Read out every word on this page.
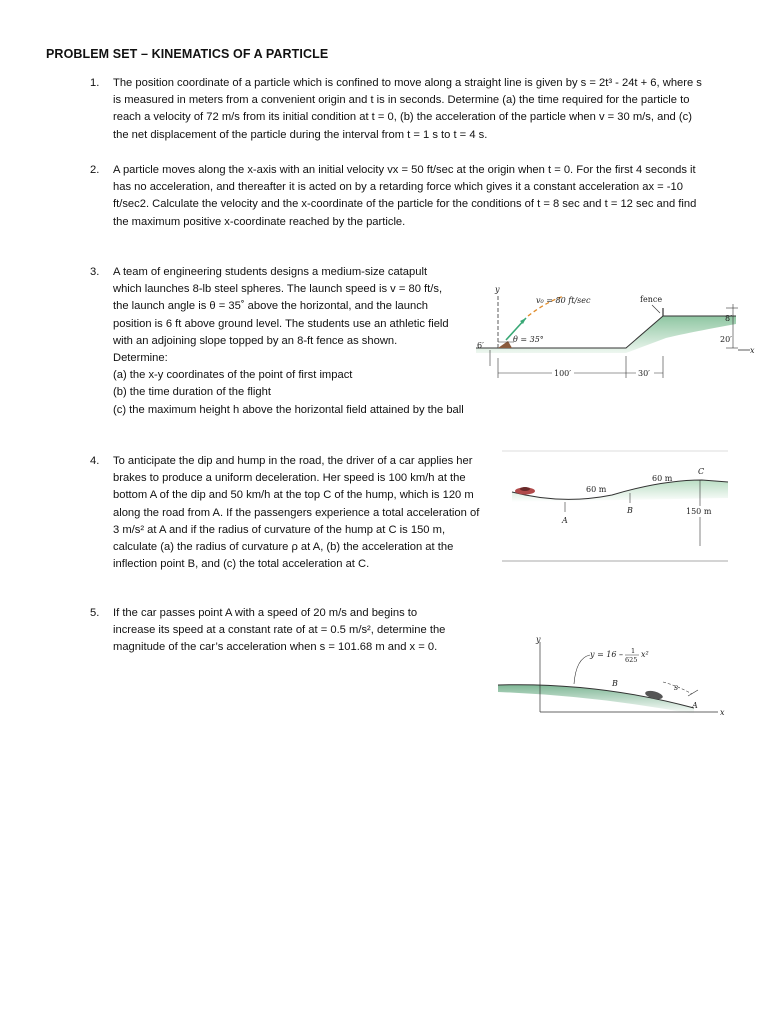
PROBLEM SET – KINEMATICS OF A PARTICLE
1. The position coordinate of a particle which is confined to move along a straight line is given by s = 2t³ - 24t + 6, where s
is measured in meters from a convenient origin and t is in seconds. Determine (a) the time required for the particle to
reach a velocity of 72 m/s from its initial condition at t = 0, (b) the acceleration of the particle when v = 30 m/s, and (c)
the net displacement of the particle during the interval from t = 1 s to t = 4 s.
2. A particle moves along the x-axis with an initial velocity vx = 50 ft/sec at the origin when t = 0. For the first 4 seconds it
has no acceleration, and thereafter it is acted on by a retarding force which gives it a constant acceleration ax = -10
ft/sec2. Calculate the velocity and the x-coordinate of the particle for the conditions of t = 8 sec and t = 12 sec and find
the maximum positive x-coordinate reached by the particle.
3. A team of engineering students designs a medium-size catapult
which launches 8-lb steel spheres. The launch speed is v = 80 ft/s,
the launch angle is θ = 35˚ above the horizontal, and the launch
position is 6 ft above ground level. The students use an athletic field
with an adjoining slope topped by an 8-ft fence as shown.
Determine:
(a) the x-y coordinates of the point of first impact
(b) the time duration of the flight
(c) the maximum height h above the horizontal field attained by the ball
y
x
v₀ = 80 ft/sec	fence
θ = 35°
6′
8′
20′
100′	30′
4. To anticipate the dip and hump in the road, the driver of a car applies her
brakes to produce a uniform deceleration. Her speed is 100 km/h at the
bottom A of the dip and 50 km/h at the top C of the hump, which is 120 m
along the road from A. If the passengers experience a total acceleration of
3 m/s² at A and if the radius of curvature of the hump at C is 150 m,
calculate (a) the radius of curvature ρ at A, (b) the acceleration at the
inflection point B, and (c) the total acceleration at C.
60 m
60 m
A
B
C
150 m
5. If the car passes point A with a speed of 20 m/s and begins to
increase its speed at a constant rate of at = 0.5 m/s², determine the
magnitude of the car’s acceleration when s = 101.68 m and x = 0.
y
x
y = 16 – 1
625
x²
B	s
A
